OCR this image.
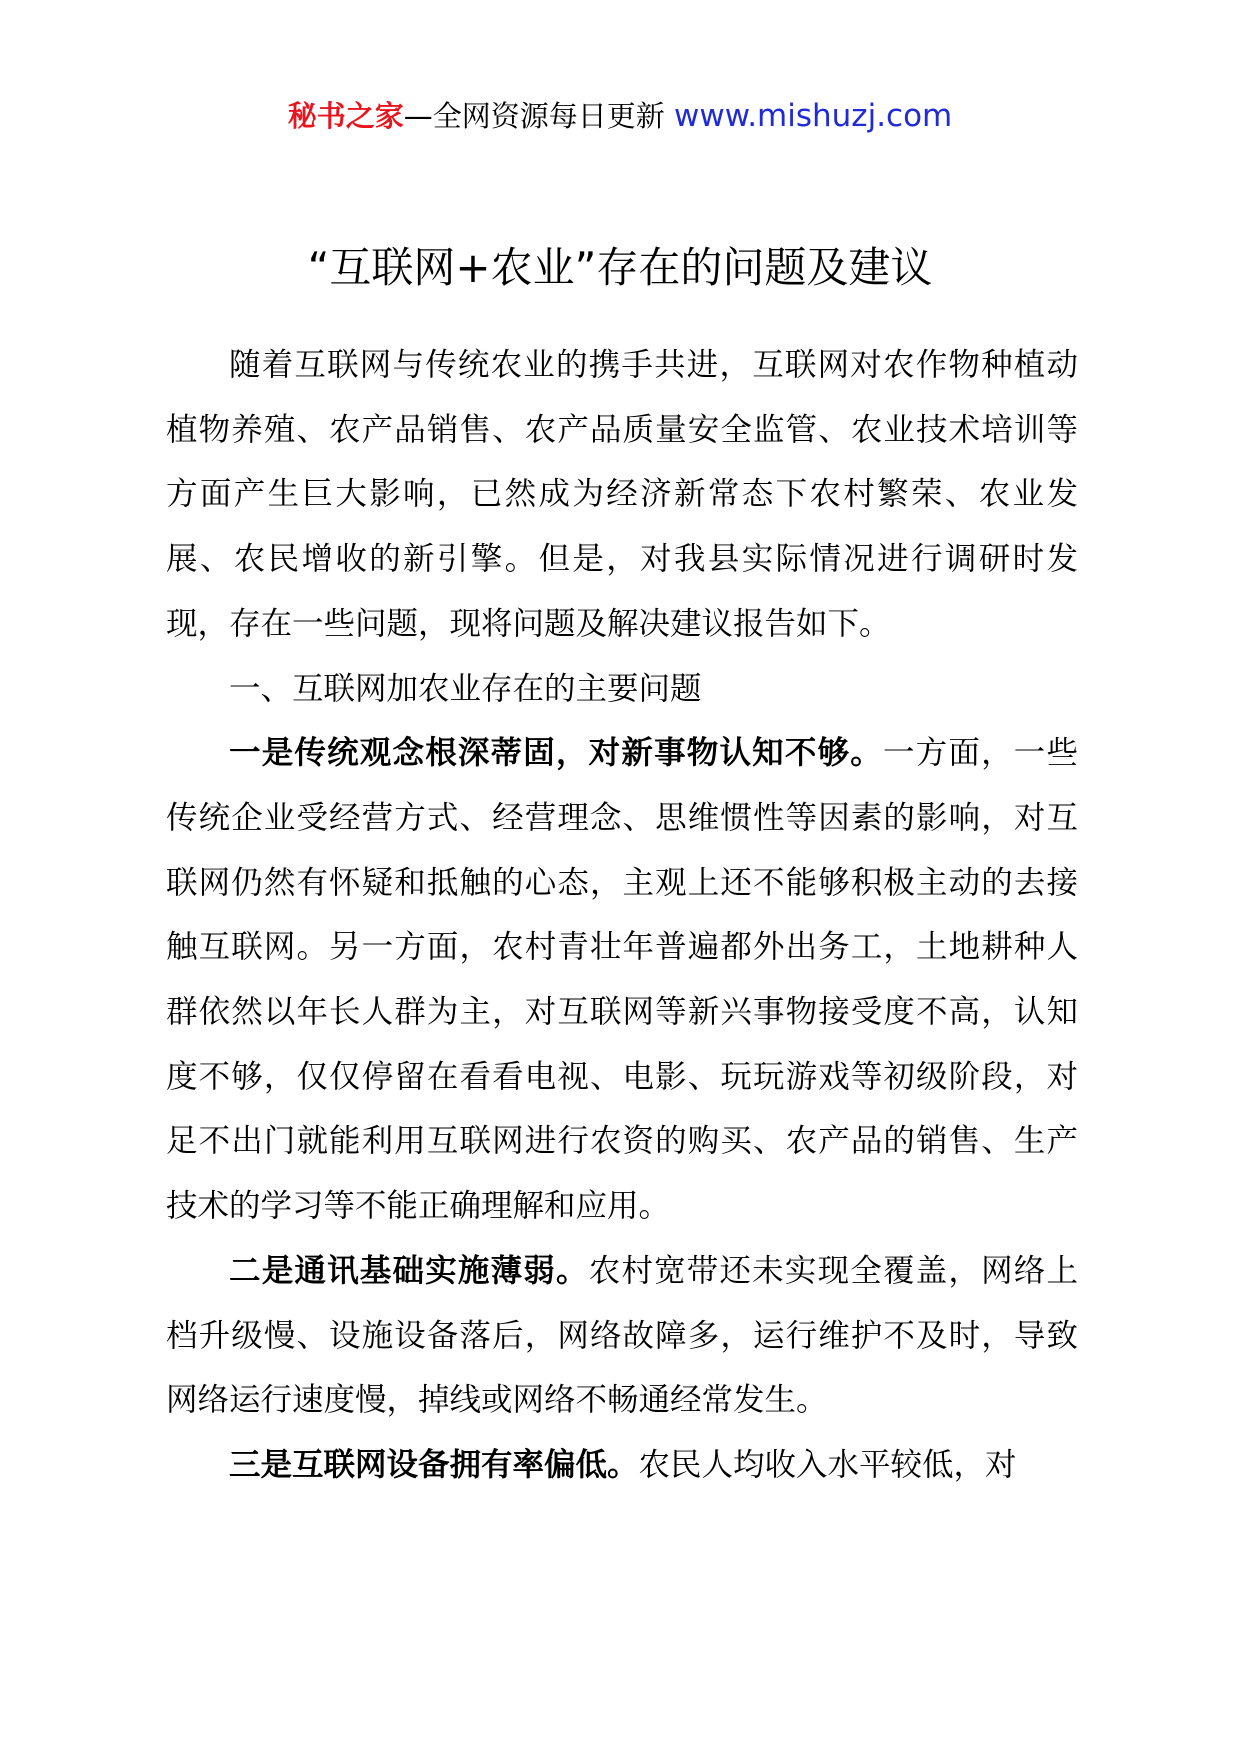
秘书之家—全网资源每日更新 www.mishuzj.com
“互联网+农业”存在的问题及建议

随着互联网与传统农业的携手共进，互联网对农作物种植动植物养殖、农产品销售、农产品质量安全监管、农业技术培训等方面产生巨大影响，已然成为经济新常态下农村繁荣、农业发展、农民增收的新引擎。但是，对我县实际情况进行调研时发现，存在一些问题，现将问题及解决建议报告如下。

一、互联网加农业存在的主要问题

一是传统观念根深蒂固，对新事物认知不够。一方面，一些传统企业受经营方式、经营理念、思维惯性等因素的影响，对互联网仍然有怀疑和抵触的心态，主观上还不能够积极主动的去接触互联网。另一方面，农村青壮年普遍都外出务工，土地耕种人群依然以年长人群为主，对互联网等新兴事物接受度不高，认知度不够，仅仅停留在看看电视、电影、玩玩游戏等初级阶段，对足不出门就能利用互联网进行农资的购买、农产品的销售、生产技术的学习等不能正确理解和应用。

二是通讯基础实施薄弱。农村宽带还未实现全覆盖，网络上档升级慢、设施设备落后，网络故障多，运行维护不及时，导致网络运行速度慢，掉线或网络不畅通经常发生。

三是互联网设备拥有率偏低。农民人均收入水平较低，对
